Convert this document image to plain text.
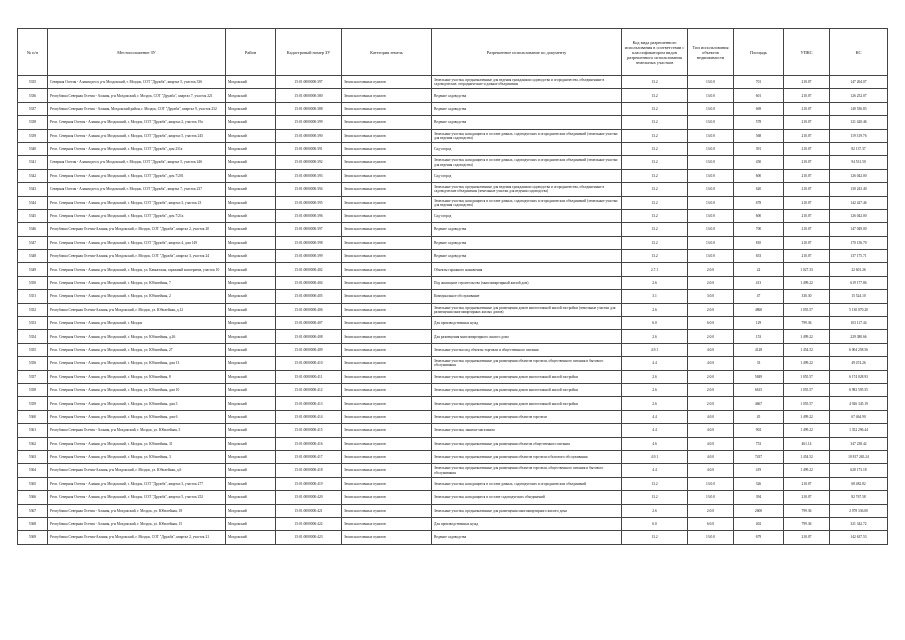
№ п/п	Местоположение ЗУ	Район	Кадастровый номер ЗУ	Категория земель	Разрешенное использование по документу	Код вида разрешенного использования в соответствии с классификатором видов разрешенного использования земельных участков	Тип использования объектов недвижимости	Площадь	УПКС	КС
5335	Северная Осетия - Алания респ, р-н Моздокский, г. Моздок, СОТ "Дружба", квартал 5, участок 336	Моздокский	15:01:0000000:397	Земли населенных пунктов	Земельные участки, предназначенные для ведения гражданами садоводства и огородничества, объединенные в садоводческие, огороднические и дачные объединения	13.2	13:0.0	701	210.07	147 264.07
5336	Республика Северная Осетия - Алания, р-н Моздокский, г. Моздок, СОТ "Дружба", квартал 7, участок 221	Моздокский	15:01:0000000:380	Земли населенных пунктов	Ведение садоводства	13.2	13:0.0	601	210.07	126 252.07
5337	Республика Северная Осетия - Алания, Моздокский район, г. Моздок, СОТ "Дружба", квартал 9, участок 232	Моздокский	15:01:0000000:388	Земли населенных пунктов	Ведение садоводства	13.2	13:0.0	669	210.07	140 536.83
5338	Респ. Северная Осетия - Алания, р-н Моздокский, г. Моздок, СОТ "Дружба", квартал 2, участок 19а	Моздокский	15:01:0000000:399	Земли населенных пунктов	Ведение садоводства	13.2	13:0.0	578	210.07	121 420.46
5339	Респ. Северная Осетия - Алания, р-н Моздокский, г. Моздок, СОТ "Дружба", квартал 5, участок 245	Моздокский	15:01:0000000:390	Земли населенных пунктов	Земельные участки, находящиеся в составе дачных, садоводческих и огороднических объединений (земельные участки для ведения садоводства)	13.2	13:0.0	568	210.07	119 319.76
5340	Респ. Северная Осетия - Алания, р-н Моздокский, г. Моздок, СОТ "Дружба", дом 231а	Моздокский	15:01:0000000:391	Земли населенных пунктов	Сад-огород	13.2	13:0.0	391	210.07	82 137.37
5341	Северная Осетия - Алания респ, р-н Моздокский, г. Моздок, СОТ "Дружба", квартал 5, участок 246	Моздокский	15:01:0000000:392	Земли населенных пунктов	Земельные участки, находящиеся в составе дачных, садоводческих и огороднических объединений (земельные участки для ведения садоводства)	13.2	13:0.0	450	210.07	94 531.50
5342	Респ. Северная Осетия - Алания, р-н Моздокский, г. Моздок, СОТ "Дружба", дом 7/201	Моздокский	15:01:0000000:393	Земли населенных пунктов	Сад-огород	13.2	13:0.0	600	210.07	126 042.00
5343	Северная Осетия - Алания респ, р-н Моздокский, г. Моздок, СОТ "Дружба", квартал 7, участок 237	Моздокский	15:01:0000000:394	Земли населенных пунктов	Земельные участки, предназначенные для ведения гражданами садоводства и огородничества, объединенные в садоводческие объединения (земельные участки для ведения садоводства)	13.2	13:0.0	620	210.07	130 243.40
5344	Респ. Северная Осетия - Алания, р-н Моздокский, г. Моздок, СОТ "Дружба", квартал 3, участок 23	Моздокский	15:01:0000000:395	Земли населенных пунктов	Земельные участки, находящиеся в составе дачных, садоводческих и огороднических объединений (земельные участки для ведения садоводства)	13.2	13:0.0	678	210.07	142 427.46
5345	Респ. Северная Осетия - Алания, р-н Моздокский, г. Моздок, СОТ "Дружба", дом 7/21а	Моздокский	15:01:0000000:396	Земли населенных пунктов	Сад-огород	13.2	13:0.0	600	210.07	126 042.00
5346	Республика Северная Осетия-Алания, р-н Моздокский, г. Моздок, СОТ "Дружба", квартал 2, участок 20	Моздокский	15:01:0000000:397	Земли населенных пунктов	Ведение садоводства	13.2	13:0.0	700	210.07	147 049.00
5347	Респ. Северная Осетия - Алания, р-н Моздокский, г. Моздок, СОТ "Дружба", квартал 4, дом 149	Моздокский	15:01:0000000:398	Земли населенных пунктов	Ведение садоводства	13.2	13:0.0	810	210.07	170 156.70
5348	Республика Северная Осетия-Алания, р-н Моздокский, г. Моздок, СОТ "Дружба", квартал 3, участок 24	Моздокский	15:01:0000000:399	Земли населенных пунктов	Ведение садоводства	13.2	13:0.0	653	210.07	137 175.71
5349	Респ. Северная Осетия - Алания, р-н Моздокский, г. Моздок, ул. Кавказская, гаражный кооператив, участок 10	Моздокский	15:01:0000000:402	Земли населенных пунктов	Объекты гаражного назначения	2.7.1	2:0.0	22	1 027.33	22 601.26
5350	Респ. Северная Осетия - Алания, р-н Моздокский, г. Моздок, ул. Юбилейная, 7	Моздокский	15:01:0000000:404	Земли населенных пунктов	Под жилищное строительство (многоквартирный жилой дом)	2.6	2:0.0	413	1 499.22	619 177.86
5351	Респ. Северная Осетия - Алания, р-н Моздокский, г. Моздок, ул. Юбилейная, 2	Моздокский	15:01:0000000:405	Земли населенных пунктов	Коммунальное обслуживание	3.1	3:0.0	47	330.30	15 524.10
5352	Республика Северная Осетия-Алания, р-н Моздокский, г. Моздок, ул. Юбилейная, д.12	Моздокский	15:01:0000000:406	Земли населенных пунктов	Земельные участки, предназначенные для размещения домов многоэтажной жилой застройки (земельные участки для размещения многоквартирных жилых домов)	2.6	2:0.0	4860	1 055.57	5 130 070.20
5353	Респ. Северная Осетия - Алания, р-н Моздокский, г. Моздок	Моздокский	15:01:0000000:407	Земли населенных пунктов	Для производственных нужд	6.0	6:0.0	129	799.36	103 117.44
5354	Респ. Северная Осетия - Алания, р-н Моздокский, г. Моздок, ул. Юбилейная, д.26	Моздокский	15:01:0000000:408	Земли населенных пунктов	Для размещения многоквартирного жилого дома	2.6	2:0.0	153	1 499.22	229 380.66
5355	Респ. Северная Осетия - Алания, р-н Моздокский, г. Моздок, ул. Юбилейная, 27	Моздокский	15:01:0000000:409	Земли населенных пунктов	Земельные участки под объекты торговли и общественного питания	4.9.1	4:0.0	4128	1 454.52	6 004 258.56
5356	Респ. Северная Осетия - Алания, р-н Моздокский, г. Моздок, ул. Юбилейная, дом 13	Моздокский	15:01:0000000:410	Земли населенных пунктов	Земельные участки, предназначенные для размещения объектов торговли, общественного питания и бытового обслуживания	4.4	4:0.0	33	1 499.22	49 474.26
5357	Респ. Северная Осетия - Алания, р-н Моздокский, г. Моздок, ул. Юбилейная, 8	Моздокский	15:01:0000000:411	Земли населенных пунктов	Земельные участки, предназначенные для размещения домов многоэтажной жилой застройки	2.6	2:0.0	5849	1 055.57	6 174 028.93
5358	Респ. Северная Осетия - Алания, р-н Моздокский, г. Моздок, ул. Юбилейная, дом 10	Моздокский	15:01:0000000:412	Земли населенных пунктов	Земельные участки, предназначенные для размещения домов многоэтажной жилой застройки	2.6	2:0.0	6615	1 055.57	6 982 595.55
5359	Респ. Северная Осетия - Алания, р-н Моздокский, г. Моздок, ул. Юбилейная, дом 3	Моздокский	15:01:0000000:413	Земли населенных пунктов	Земельные участки, предназначенные для размещения домов многоэтажной жилой застройки	2.6	2:0.0	4667	1 055.57	4 926 345.19
5360	Респ. Северная Осетия - Алания, р-н Моздокский, г. Моздок, ул. Юбилейная, дом 6	Моздокский	15:01:0000000:414	Земли населенных пунктов	Земельные участки, предназначенные для размещения объектов торговли	4.4	4:0.0	45	1 499.22	67 464.90
5361	Республика Северная Осетия - Алания, р-н Моздокский, г. Моздок, ул. Юбилейная, 5	Моздокский	15:01:0000000:415	Земли населенных пунктов	Земельные участки, занятые магазином	4.4	4:0.0	902	1 499.22	1 352 296.44
5362	Респ. Северная Осетия - Алания, р-н Моздокский, г. Моздок, ул. Юбилейная, 31	Моздокский	15:01:0000000:416	Земли населенных пунктов	Земельные участки, предназначенные для размещения объектов общественного питания	4.6	4:0.0	753	461.14	347 238.42
5363	Респ. Северная Осетия - Алания, р-н Моздокский, г. Моздок, ул. Юбилейная, 3	Моздокский	15:01:0000000:417	Земли населенных пунктов	Земельные участки, предназначенные для размещения объектов торговли и бытового обслуживания	4.9.1	4:0.0	7437	1 454.52	10 817 265.24
5364	Республика Северная Осетия-Алания, р-н Моздокский, г. Моздок, ул. Юбилейная, д.6	Моздокский	15:01:0000000:418	Земли населенных пунктов	Земельные участки, предназначенные для размещения объектов торговли, общественного питания и бытового обслуживания	4.4	4:0.0	419	1 499.22	628 173.18
5365	Респ. Северная Осетия - Алания, р-н Моздокский, г. Моздок, СОТ "Дружба", квартал 3, участок 277	Моздокский	15:01:0000000:419	Земли населенных пунктов	Земельные участки, находящиеся в составе дачных, садоводческих и огороднических объединений	13.2	13:0.0	326	210.07	68 482.82
5366	Респ. Северная Осетия - Алания, р-н Моздокский, г. Моздок, СОТ "Дружба", квартал 5, участок 252	Моздокский	15:01:0000000:420	Земли населенных пунктов	Земельные участки, находящиеся в составе садоводческих объединений	13.2	13:0.0	394	210.07	82 767.58
5367	Республика Северная Осетия - Алания, р-н Моздокский, г. Моздок, ул. Юбилейная, 18	Моздокский	15:01:0000000:421	Земли населенных пунктов	Земельные участки, предназначенные для размещения многоквартирного жилого дома	2.6	2:0.0	2600	799.36	2 078 336.00
5368	Республика Северная Осетия - Алания, р-н Моздокский, г. Моздок, ул. Юбилейная, 15	Моздокский	15:01:0000000:422	Земли населенных пунктов	Для производственных нужд	6.0	6:0.0	402	799.36	321 342.72
5369	Республика Северная Осетия-Алания, р-н Моздокский, г. Моздок, СОТ "Дружба", квартал 2, участок 21	Моздокский	15:01:0000000:423	Земли населенных пунктов	Ведение садоводства	13.2	13:0.0	679	210.07	142 637.53
